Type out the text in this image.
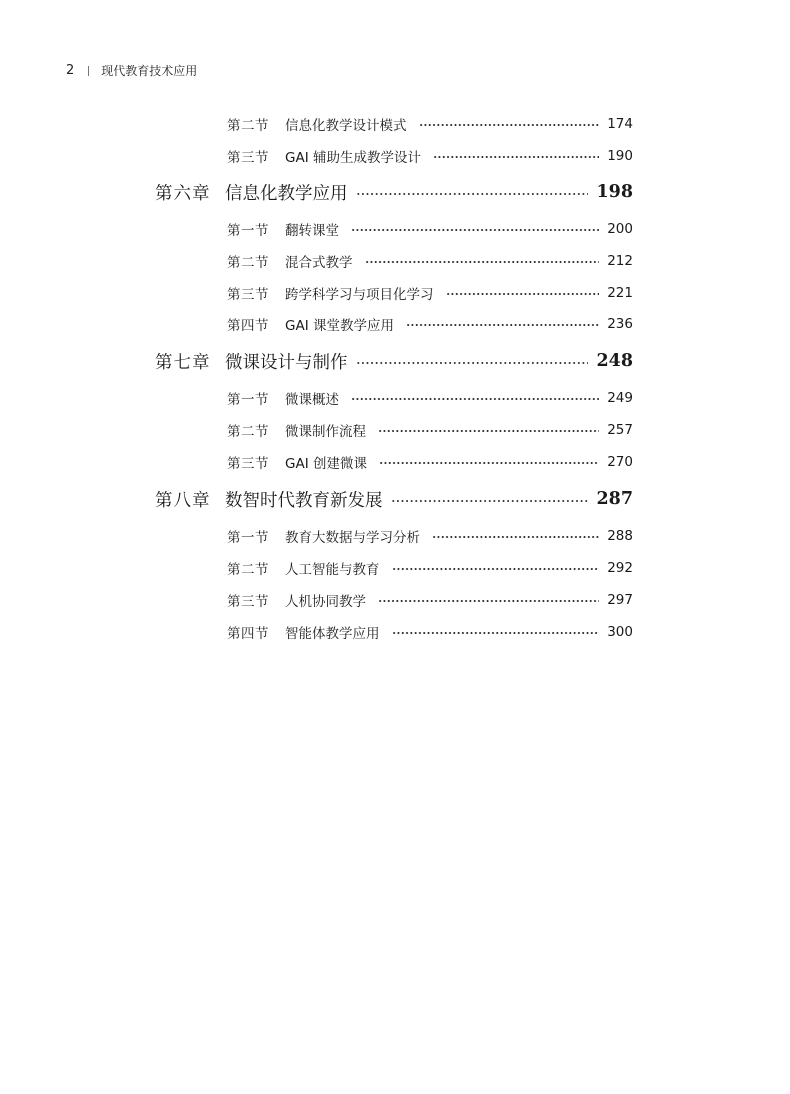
2 现代教育技术应用
第二节	信息化教学设计模式	174
第三节	GAI 辅助生成教学设计	190
第六章 信息化教学应用	198
第一节	翻转课堂	200
第二节	混合式教学	212
第三节	跨学科学习与项目化学习	221
第四节	GAI 课堂教学应用	236
第七章 微课设计与制作	248
第一节	微课概述	249
第二节	微课制作流程	257
第三节	GAI 创建微课	270
第八章 数智时代教育新发展	287
第一节	教育大数据与学习分析	288
第二节	人工智能与教育	292
第三节	人机协同教学	297
第四节	智能体教学应用	300
